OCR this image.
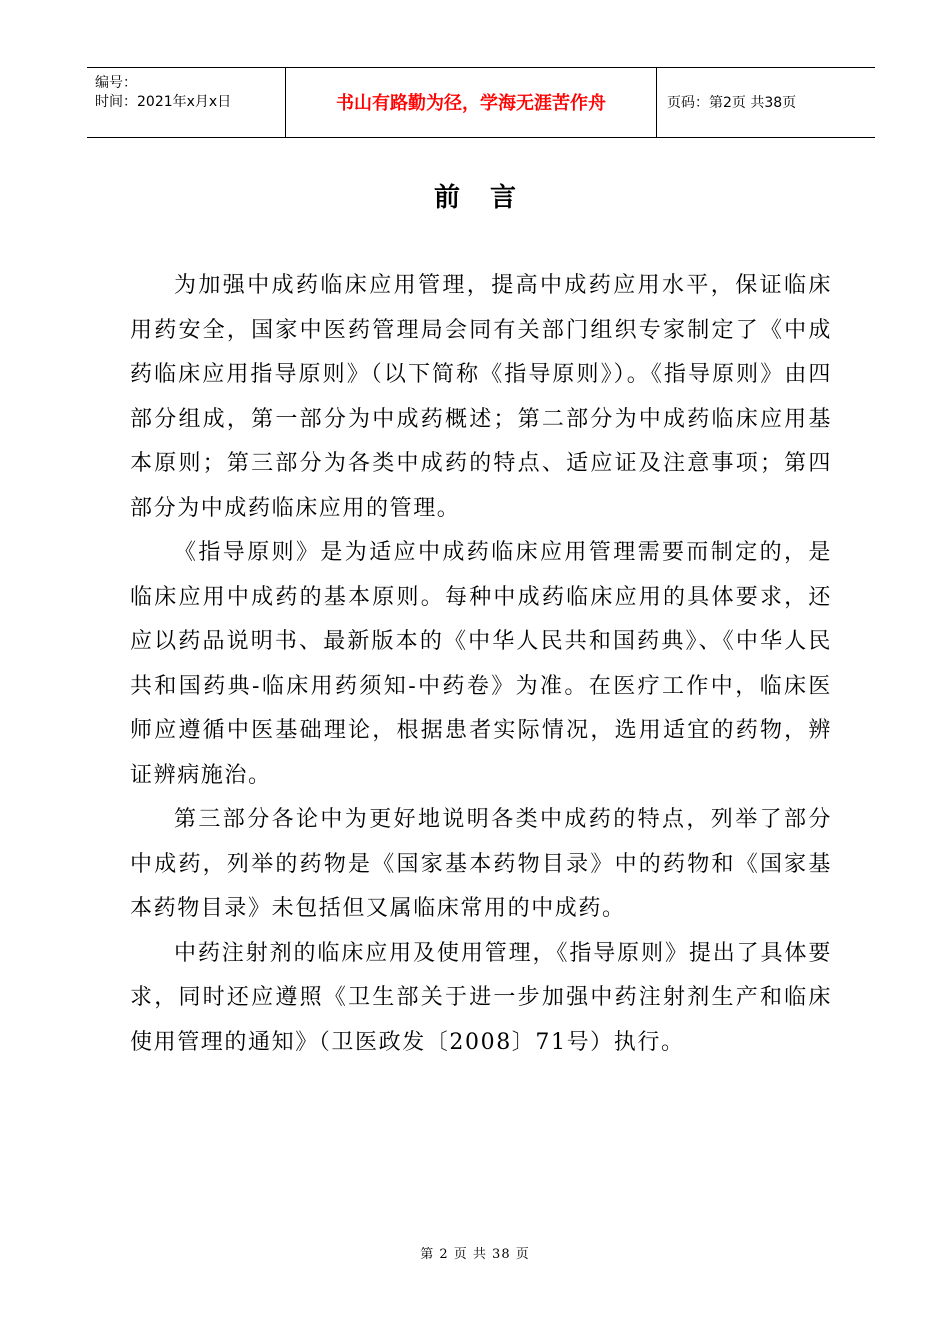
编号：
时间：2021年x月x日	书山有路勤为径，学海无涯苦作舟	页码：第2页 共38页
前言

为加强中成药临床应用管理，提高中成药应用水平，保证临床用药安全，国家中医药管理局会同有关部门组织专家制定了《中成药临床应用指导原则》（以下简称《指导原则》）。《指导原则》由四部分组成，第一部分为中成药概述；第二部分为中成药临床应用基本原则；第三部分为各类中成药的特点、适应证及注意事项；第四部分为中成药临床应用的管理。

《指导原则》是为适应中成药临床应用管理需要而制定的，是临床应用中成药的基本原则。每种中成药临床应用的具体要求，还应以药品说明书、最新版本的《中华人民共和国药典》、《中华人民共和国药典-临床用药须知-中药卷》为准。在医疗工作中，临床医师应遵循中医基础理论，根据患者实际情况，选用适宜的药物，辨证辨病施治。

第三部分各论中为更好地说明各类中成药的特点，列举了部分中成药，列举的药物是《国家基本药物目录》中的药物和《国家基本药物目录》未包括但又属临床常用的中成药。

中药注射剂的临床应用及使用管理，《指导原则》提出了具体要求，同时还应遵照《卫生部关于进一步加强中药注射剂生产和临床使用管理的通知》（卫医政发〔2008〕71号）执行。

第 2 页 共 38 页
